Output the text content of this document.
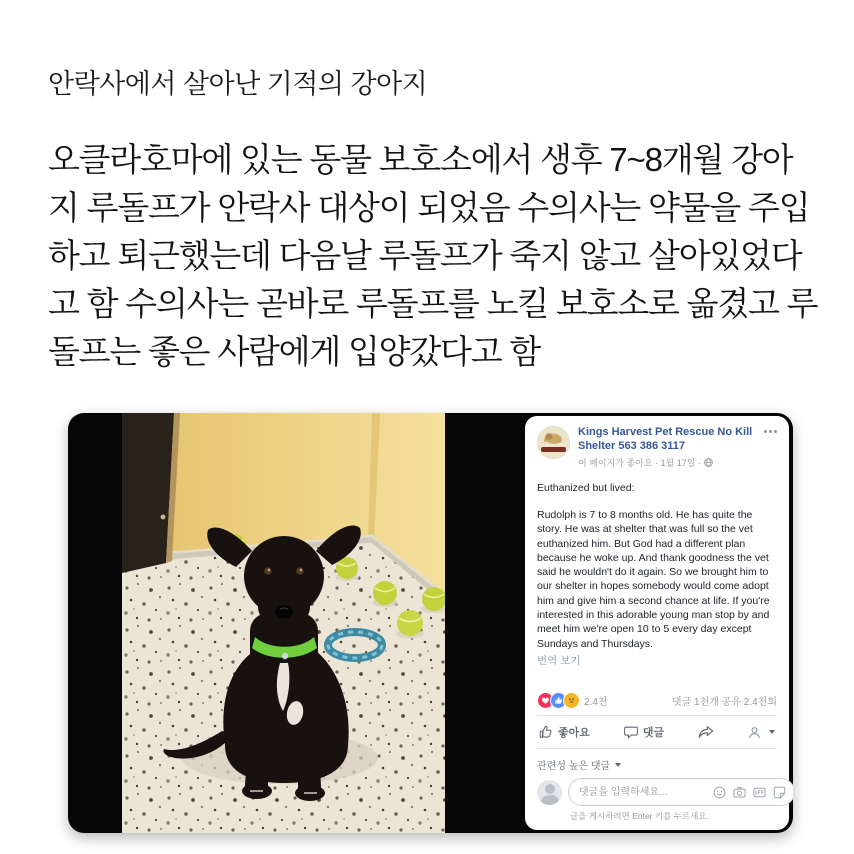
안락사에서 살아난 기적의 강아지
오클라호마에 있는 동물 보호소에서 생후 7~8개월 강아
지 루돌프가 안락사 대상이 되었음 수의사는 약물을 주입
하고 퇴근했는데 다음날 루돌프가 죽지 않고 살아있었다
고 함 수의사는 곧바로 루돌프를 노킬 보호소로 옮겼고 루
돌프는 좋은 사람에게 입양갔다고 함
Kings Harvest Pet Rescue No Kill Shelter 563 386 3117
이 페이지가 좋아요 · 1월 17일 ·
Euthanized but lived:
Rudolph is 7 to 8 months old. He has quite the story. He was at shelter that was full so the vet euthanized him. But God had a different plan because he woke up. And thank goodness the vet said he wouldn't do it again. So we brought him to our shelter in hopes somebody would come adopt him and give him a second chance at life. If you're interested in this adorable young man stop by and meet him we're open 10 to 5 every day except Sundays and Thursdays.
번역 보기
2.4천	댓글 1천개 공유 2.4천회
좋아요	댓글
관련성 높은 댓글
댓글을 입력하세요...
글을 게시하려면 Enter 키를 누르세요.
